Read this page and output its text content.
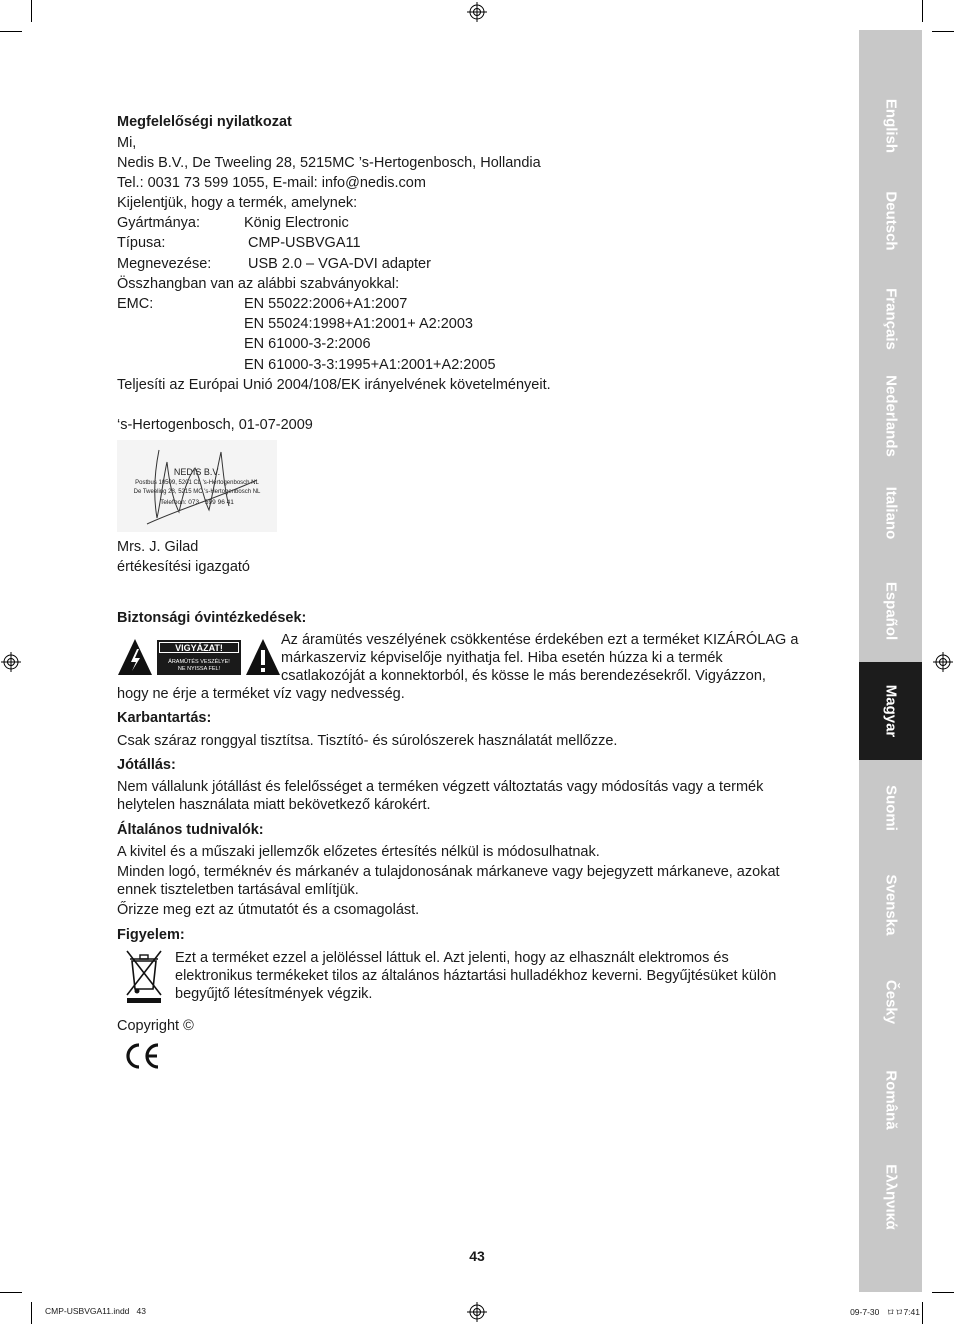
English
Deutsch
Français
Nederlands
Italiano
Español
Magyar
Suomi
Svenska
Česky
Română
Ελληνικά
Megfelelőségi nyilatkozat
Mi,
Nedis B.V., De Tweeling 28, 5215MC ’s-Hertogenbosch, Hollandia
Tel.: 0031 73 599 1055, E-mail: info@nedis.com
Kijelentjük, hogy a termék, amelynek:
Gyártmánya:	König Electronic
Típusa:	CMP-USBVGA11
Megnevezése:	USB 2.0 – VGA-DVI adapter
Összhangban van az alábbi szabványokkal:
EMC:	EN 55022:2006+A1:2007
EN 55024:1998+A1:2001+ A2:2003
EN 61000-3-2:2006
EN 61000-3-3:1995+A1:2001+A2:2005
Teljesíti az Európai Unió 2004/108/EK irányelvének követelményeit.
‘s-Hertogenbosch, 01-07-2009
NEDIS B.V.
Postbus 10509, 5201 CL 's-Hertogenbosch NL
De Tweeling 28, 5215 MC 's-Hertogenbosch NL
Telefoon: 073 - 599 96 41
Mrs. J. Gilad
értékesítési igazgató
Biztonsági óvintézkedések:
VIGYÁZAT!
ÁRAMÜTÉS VESZÉLYE!
NE NYISSA FEL!
Az áramütés veszélyének csökkentése érdekében ezt a terméket KIZÁRÓLAG a
márkaszerviz képviselője nyithatja fel. Hiba esetén húzza ki a termék
csatlakozóját a konnektorból, és kösse le más berendezésekről. Vigyázzon,
hogy ne érje a terméket víz vagy nedvesség.
Karbantartás:
Csak száraz ronggyal tisztítsa. Tisztító- és súrolószerek használatát mellőzze.
Jótállás:
Nem vállalunk jótállást és felelősséget a terméken végzett változtatás vagy módosítás vagy a termék
helytelen használata miatt bekövetkező károkért.
Általános tudnivalók:
A kivitel és a műszaki jellemzők előzetes értesítés nélkül is módosulhatnak.
Minden logó, terméknév és márkanév a tulajdonosának márkaneve vagy bejegyzett márkaneve, azokat
ennek tiszteletben tartásával említjük.
Őrizze meg ezt az útmutatót és a csomagolást.
Figyelem:
Ezt a terméket ezzel a jelöléssel láttuk el. Azt jelenti, hogy az elhasznált elektromos és
elektronikus termékeket tilos az általános háztartási hulladékhoz keverni. Begyűjtésüket külön
begyűjtő létesítmények végzik.
Copyright ©
43
CMP-USBVGA11.indd   43	09-7-30   ロロ7:41
